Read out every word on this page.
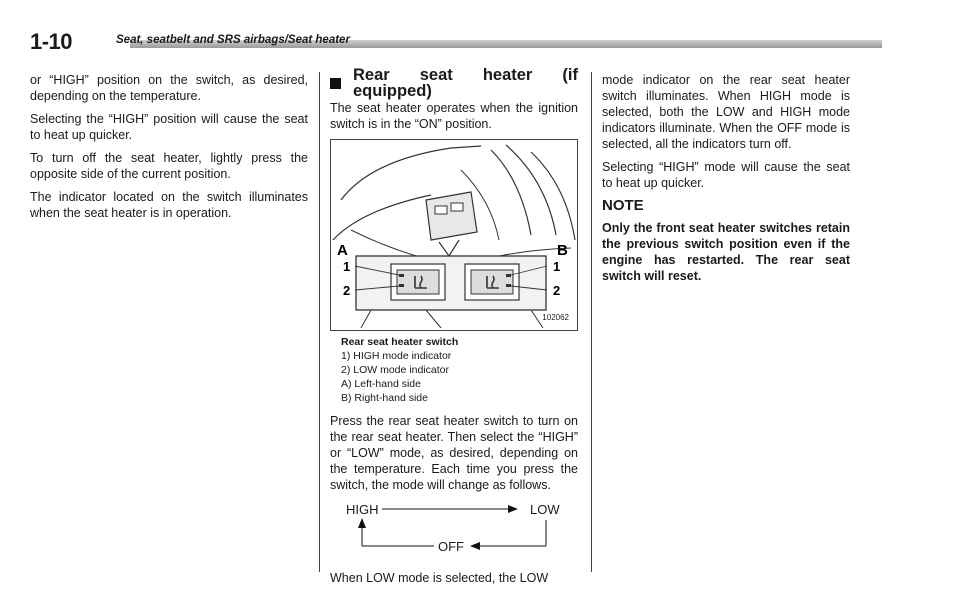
1-10	Seat, seatbelt and SRS airbags/Seat heater

or “HIGH” position on the switch, as desired, depending on the temperature.

Selecting the “HIGH” position will cause the seat to heat up quicker.

To turn off the seat heater, lightly press the opposite side of the current position.

The indicator located on the switch illuminates when the seat heater is in operation.

Rear seat heater (if equipped)

The seat heater operates when the ignition switch is in the “ON” position.

A	B
1
2
1
2
102062
Rear seat heater switch
1) HIGH mode indicator
2) LOW mode indicator
A) Left-hand side
B) Right-hand side

Press the rear seat heater switch to turn on the rear seat heater. Then select the “HIGH” or “LOW” mode, as desired, depending on the temperature. Each time you press the switch, the mode will change as follows.

HIGH	LOW
OFF

When LOW mode is selected, the LOW

mode indicator on the rear seat heater switch illuminates. When HIGH mode is selected, both the LOW and HIGH mode indicators illuminate. When the OFF mode is selected, all the indicators turn off.

Selecting “HIGH” mode will cause the seat to heat up quicker.

NOTE

Only the front seat heater switches retain the previous switch position even if the engine has restarted. The rear seat switch will reset.
